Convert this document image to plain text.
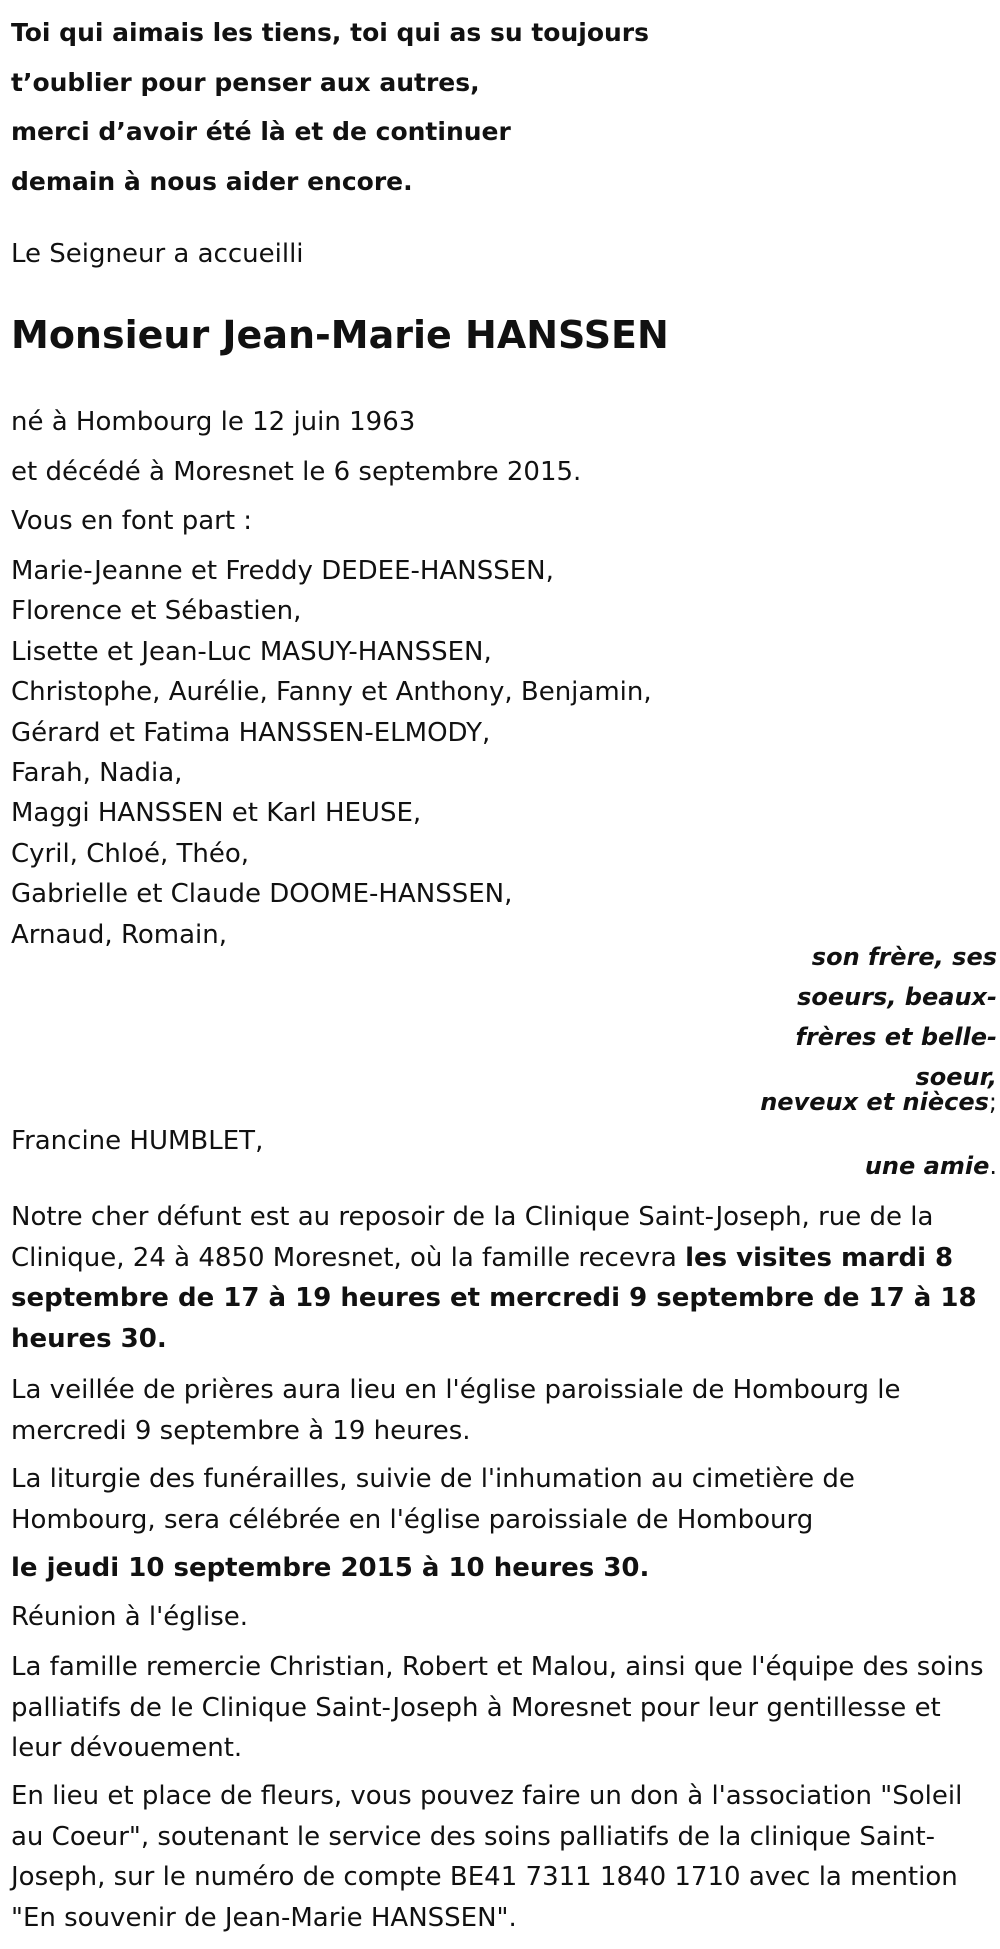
Toi qui aimais les tiens, toi qui as su toujours
t’oublier pour penser aux autres,
merci d’avoir été là et de continuer
demain à nous aider encore.
Le Seigneur a accueilli
Monsieur Jean-Marie HANSSEN
né à Hombourg le 12 juin 1963
et décédé à Moresnet le 6 septembre 2015.
Vous en font part :
Marie-Jeanne et Freddy DEDEE-HANSSEN,
Florence et Sébastien,
Lisette et Jean-Luc MASUY-HANSSEN,
Christophe, Aurélie, Fanny et Anthony, Benjamin,
Gérard et Fatima HANSSEN-ELMODY,
Farah, Nadia,
Maggi HANSSEN et Karl HEUSE,
Cyril, Chloé, Théo,
Gabrielle et Claude DOOME-HANSSEN,
Arnaud, Romain,
son frère, ses
soeurs, beaux-
frères et belle-
soeur,
neveux et nièces;
Francine HUMBLET,
une amie.
Notre cher défunt est au reposoir de la Clinique Saint-Joseph, rue de la Clinique, 24 à 4850 Moresnet, où la famille recevra les visites mardi 8 septembre de 17 à 19 heures et mercredi 9 septembre de 17 à 18 heures 30.
La veillée de prières aura lieu en l'église paroissiale de Hombourg le mercredi 9 septembre à 19 heures.
La liturgie des funérailles, suivie de l'inhumation au cimetière de Hombourg, sera célébrée en l'église paroissiale de Hombourg
le jeudi 10 septembre 2015 à 10 heures 30.
Réunion à l'église.
La famille remercie Christian, Robert et Malou, ainsi que l'équipe des soins palliatifs de le Clinique Saint-Joseph à Moresnet pour leur gentillesse et leur dévouement.
En lieu et place de fleurs, vous pouvez faire un don à l'association "Soleil au Coeur", soutenant le service des soins palliatifs de la clinique Saint-Joseph, sur le numéro de compte BE41 7311 1840 1710 avec la mention "En souvenir de Jean-Marie HANSSEN".
